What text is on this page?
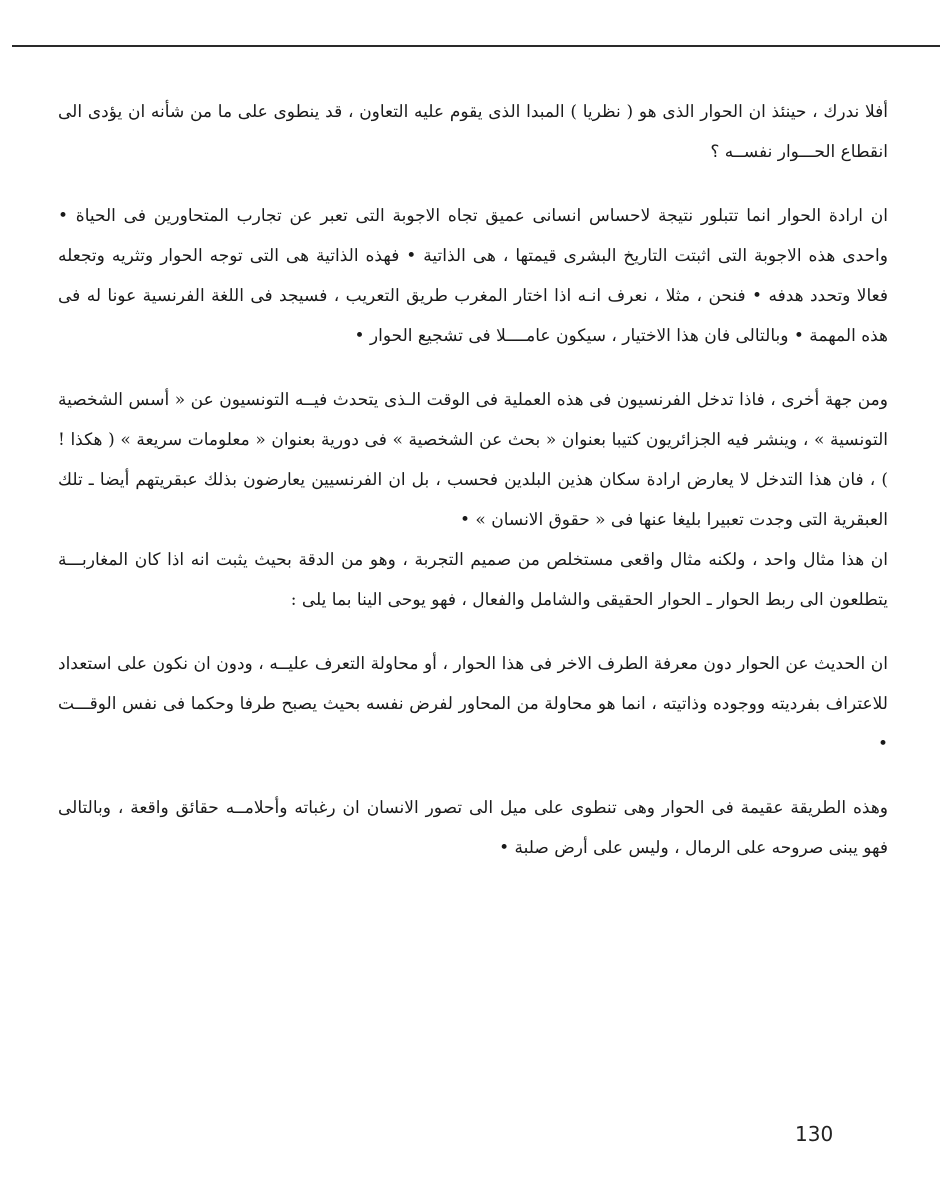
أفلا ندرك ، حينئذ ان الحوار الذى هو ( نظريا ) المبدا الذى يقوم عليه التعاون ، قد ينطوى على ما من شأنه ان يؤدى الى انقطاع الحـــوار نفســه ؟

ان ارادة الحوار انما تتبلور نتيجة لاحساس انسانى عميق تجاه الاجوبة التى تعبر عن تجارب المتحاورين فى الحياة • واحدى هذه الاجوبة التى اثبتت التاريخ البشرى قيمتها ، هى الذاتية • فهذه الذاتية هى التى توجه الحوار وتثريه وتجعله فعالا وتحدد هدفه • فنحن ، مثلا ، نعرف انـه اذا اختار المغرب طريق التعريب ، فسيجد فى اللغة الفرنسية عونا له فى هذه المهمة • وبالتالى فان هذا الاختيار ، سيكون عامــــلا فى تشجيع الحوار •

ومن جهة أخرى ، فاذا تدخل الفرنسيون فى هذه العملية فى الوقت الـذى يتحدث فيــه التونسيون عن « أسس الشخصية التونسية » ، وينشر فيه الجزائريون كتيبا بعنوان « بحث عن الشخصية » فى دورية بعنوان « معلومات سريعة » ( هكذا ! ) ، فان هذا التدخل لا يعارض ارادة سكان هذين البلدين فحسب ، بل ان الفرنسيين يعارضون بذلك عبقريتهم أيضا ـ تلك العبقرية التى وجدت تعبيرا بليغا عنها فى « حقوق الانسان » •

ان هذا مثال واحد ، ولكنه مثال واقعى مستخلص من صميم التجربة ، وهو من الدقة بحيث يثبت انه اذا كان المغاربـــة يتطلعون الى ربط الحوار ـ الحوار الحقيقى والشامل والفعال ، فهو يوحى الينا بما يلى :

ان الحديث عن الحوار دون معرفة الطرف الاخر فى هذا الحوار ، أو محاولة التعرف عليــه ، ودون ان نكون على استعداد للاعتراف بفرديته ووجوده وذاتيته ، انما هو محاولة من المحاور لفرض نفسه بحيث يصبح طرفا وحكما فى نفس الوقـــت •

وهذه الطريقة عقيمة فى الحوار وهى تنطوى على ميل الى تصور الانسان ان رغباته وأحلامــه حقائق واقعة ، وبالتالى فهو يبنى صروحه على الرمال ، وليس على أرض صلبة •

130
